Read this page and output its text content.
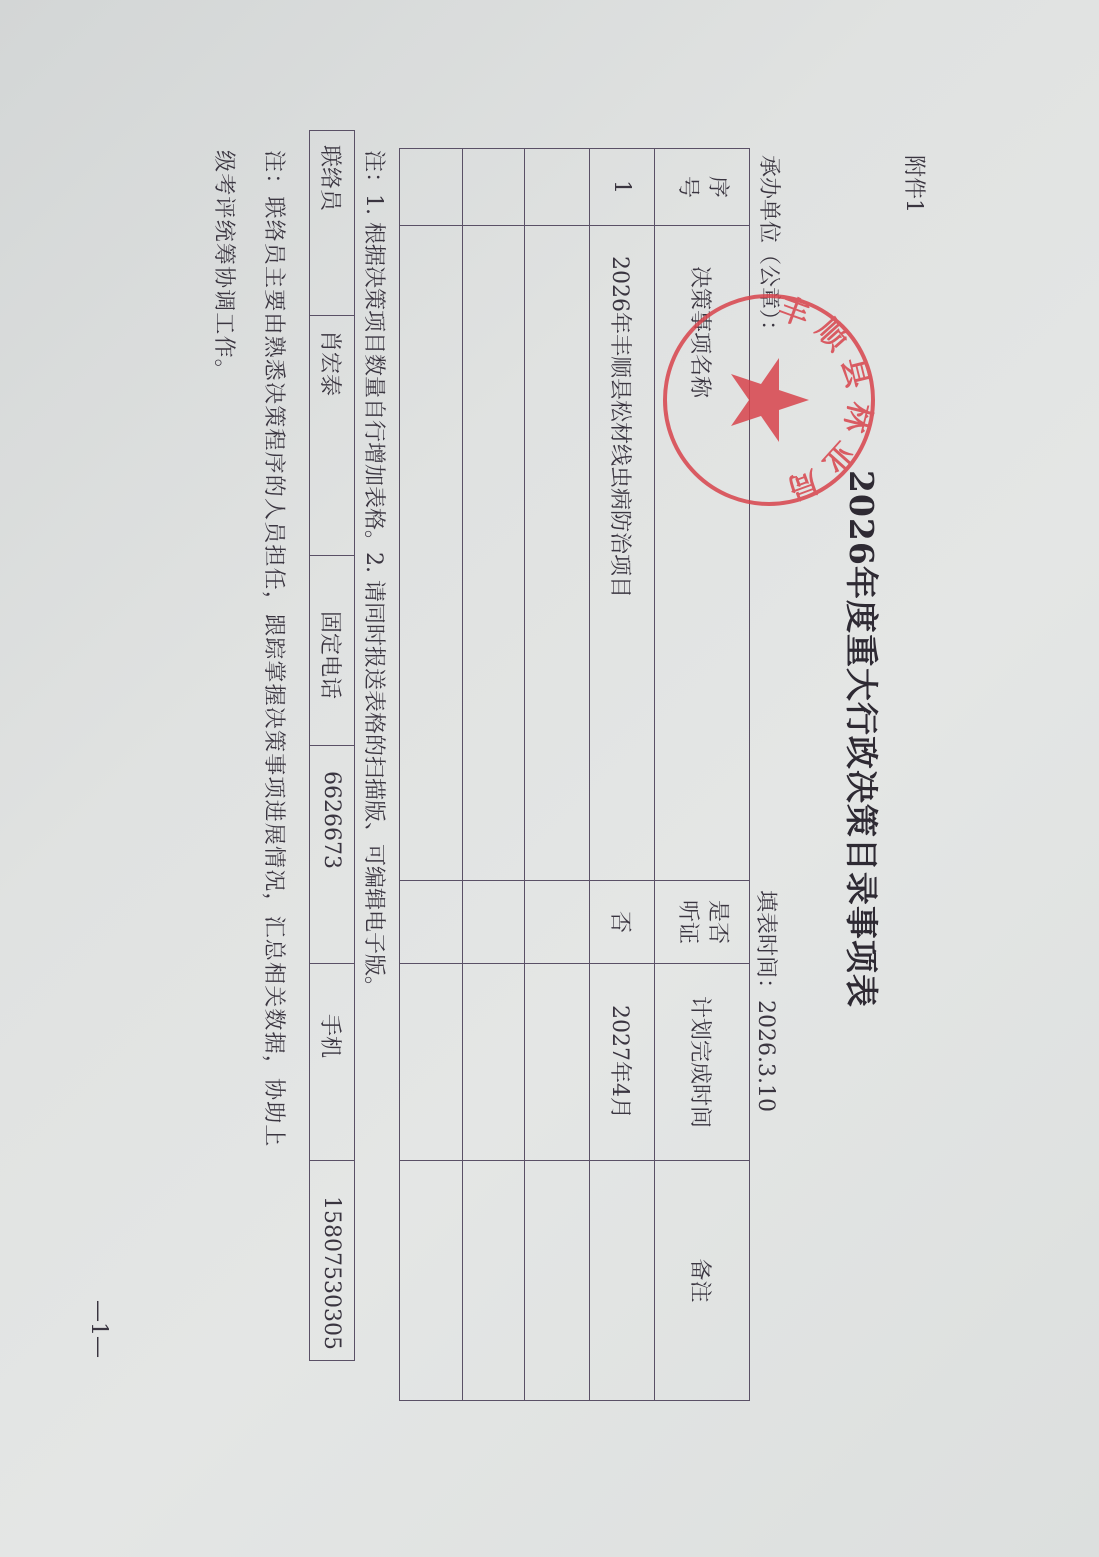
附件1
2026年度重大行政决策目录事项表
承办单位（公章）：
填表时间：2026.3.10
序号	决策事项名称	是否听证	计划完成时间	备注
1	2026年丰顺县松材线虫病防治项目	否	2027年4月	

丰顺县林业局
注：1. 根据决策项目数量自行增加表格。2. 请同时报送表格的扫描版、可编辑电子版。
联络员	肖宏泰	固定电话	6626673	手机	15807530305
注：联络员主要由熟悉决策程序的人员担任，跟踪掌握决策事项进展情况，汇总相关数据，协助上
级考评统筹协调工作。
—1—
